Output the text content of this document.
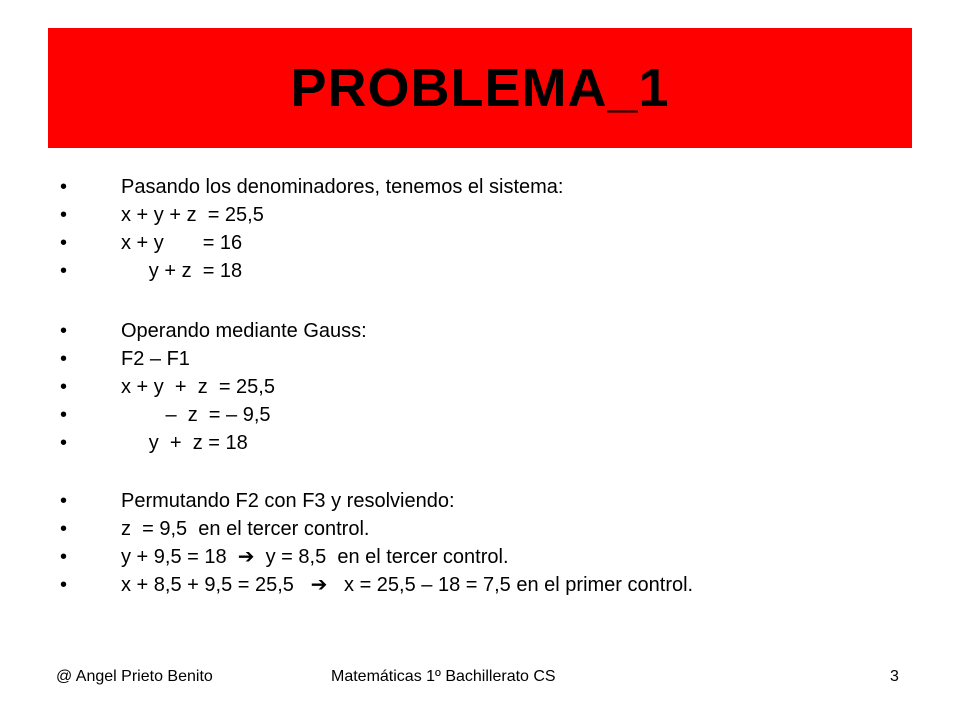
PROBLEMA_1

•

	Pasando los denominadores, tenemos el sistema:

•

	x + y + z  = 25,5

•

	x + y       = 16

•

	y + z  = 18

•

	Operando mediante Gauss:

•

	F2 – F1

•

	x + y  +  z  = 25,5

•

	–  z  = – 9,5

•

	y  +  z = 18

•

	Permutando F2 con F3 y resolviendo:

•

	z  = 9,5  en el tercer control.

•

	y + 9,5 = 18  ➔  y = 8,5  en el tercer control.

•

	x + 8,5 + 9,5 = 25,5   ➔   x = 25,5 – 18 = 7,5 en el primer control.

@ Angel Prieto Benito	Matemáticas 1º Bachillerato CS	3
